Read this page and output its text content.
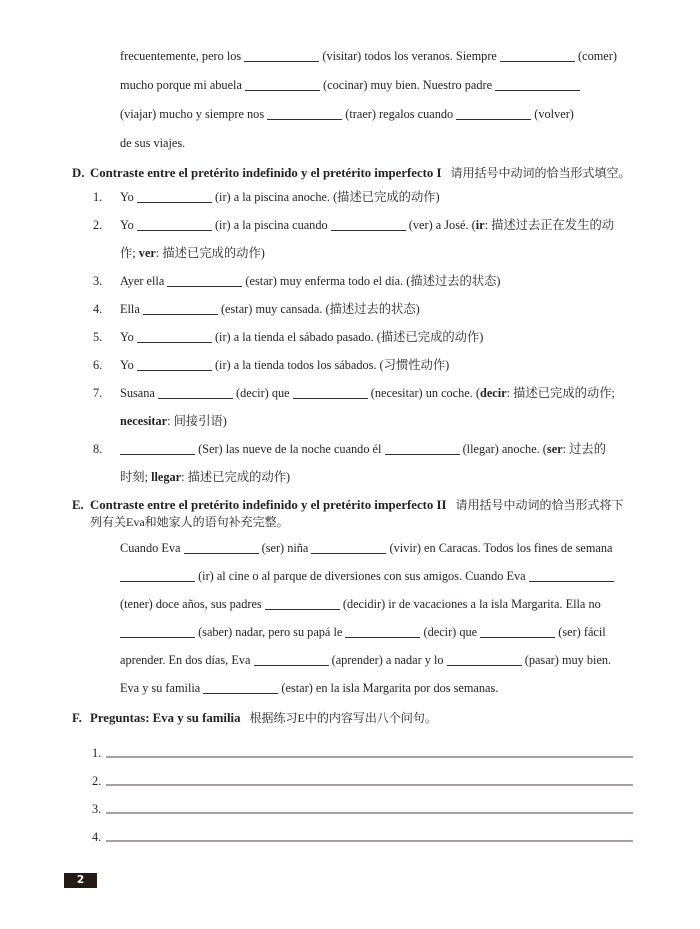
frecuentemente, pero los	(visitar) todos los veranos. Siempre	(comer)
mucho porque mi abuela	(cocinar) muy bien. Nuestro padre
(viajar) mucho y siempre nos	(traer) regalos cuando	(volver)
de sus viajes.
D. Contraste entre el pretérito indefinido y el pretérito imperfecto I 请用括号中动词的恰当形式填空。
1.	Yo	(ir) a la piscina anoche. (描述已完成的动作)
2.	Yo	(ir) a la piscina cuando	(ver) a José. (ir: 描述过去正在发生的动
作; ver: 描述已完成的动作)
3.	Ayer ella	(estar) muy enferma todo el día. (描述过去的状态)
4.	Ella	(estar) muy cansada. (描述过去的状态)
5.	Yo	(ir) a la tienda el sábado pasado. (描述已完成的动作)
6.	Yo	(ir) a la tienda todos los sábados. (习惯性动作)
7.	Susana	(decir) que	(necesitar) un coche. (decir: 描述已完成的动作;
necesitar: 间接引语)
8.	(Ser) las nueve de la noche cuando él	(llegar) anoche. (ser: 过去的
时刻; llegar: 描述已完成的动作)
E. Contraste entre el pretérito indefinido y el pretérito imperfecto II 请用括号中动词的恰当形式将下列有关Eva和她家人的语句补充完整。
Cuando Eva	(ser) niña	(vivir) en Caracas. Todos los fines de semana
(ir) al cine o al parque de diversiones con sus amigos. Cuando Eva
(tener) doce años, sus padres	(decidir) ir de vacaciones a la isla Margarita. Ella no
(saber) nadar, pero su papá le	(decir) que	(ser) fácil
aprender. En dos días, Eva	(aprender) a nadar y lo	(pasar) muy bien.
Eva y su familia	(estar) en la isla Margarita por dos semanas.
F. Preguntas: Eva y su familia 根据练习E中的内容写出八个问句。
1.
2.
3.
4.
2
